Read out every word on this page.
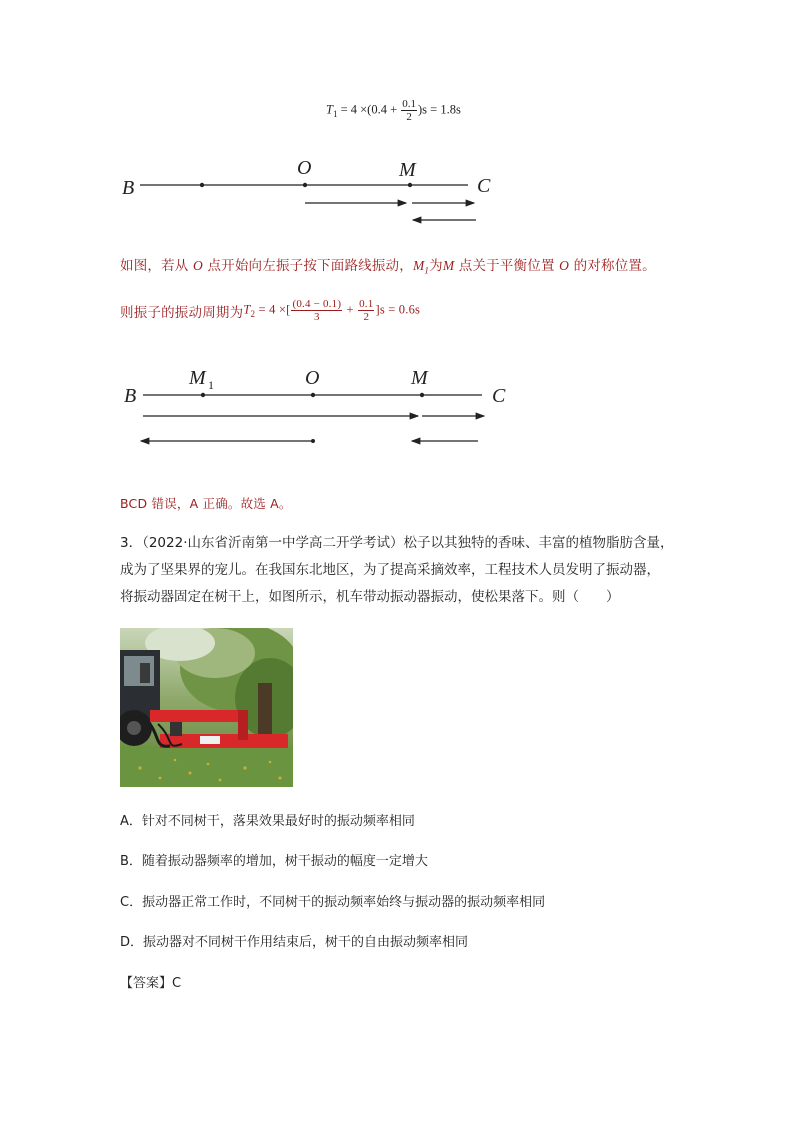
$T_1 = 4 \times(0.4 + \frac{0.1}{2} )s = 1.8s$
B
O	M
C
如图，若从 O 点开始向左振子按下面路线振动，$M_1$为M 点关于平衡位置 O 的对称位置。
则振子的振动周期为 $T_2 = 4$ ×[ $\frac{(0.4 - 0.1)}{3} + \frac{0.1}{2} ]s = 0.6s$
B
M 1	O	M
C
BCD 错误，A 正确。故选 A。
3．（2022·山东省沂南第一中学高二开学考试）松子以其独特的香味、丰富的植物脂肪含量，
成为了坚果界的宠儿。在我国东北地区，为了提高采摘效率，工程技术人员发明了振动器，
将振动器固定在树干上，如图所示，机车带动振动器振动，使松果落下。则（　　）
A．针对不同树干，落果效果最好时的振动频率相同
B．随着振动器频率的增加，树干振动的幅度一定增大
C．振动器正常工作时，不同树干的振动频率始终与振动器的振动频率相同
D．振动器对不同树干作用结束后，树干的自由振动频率相同
【答案】C
